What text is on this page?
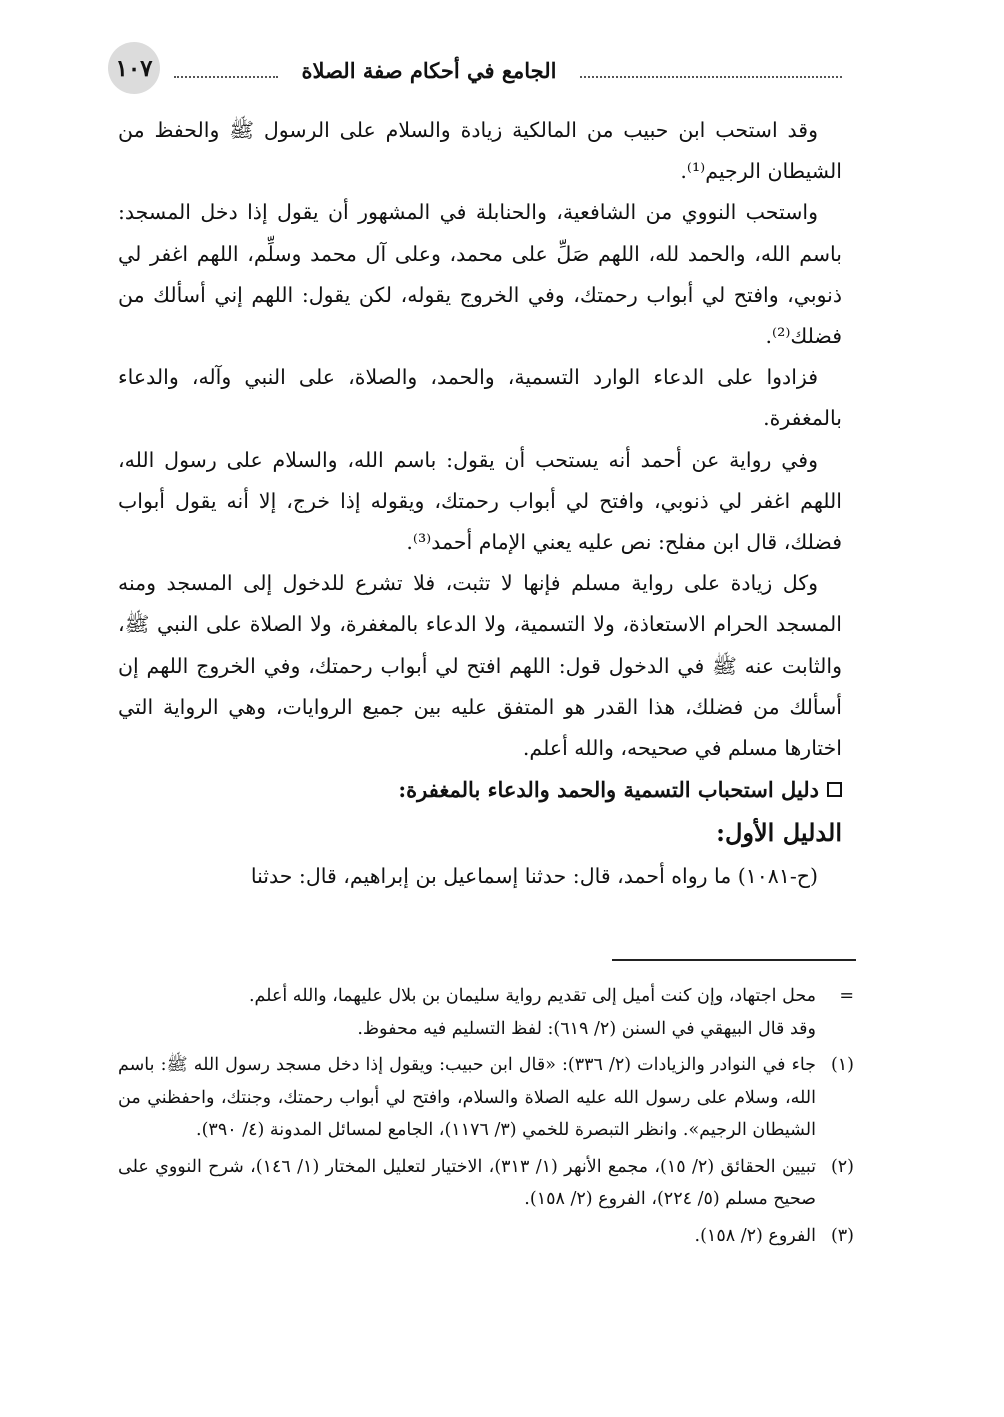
١٠٧	الجامع في أحكام صفة الصلاة

وقد استحب ابن حبيب من المالكية زيادة والسلام على الرسول ﷺ والحفظ من الشيطان الرجيم⁽¹⁾.

واستحب النووي من الشافعية، والحنابلة في المشهور أن يقول إذا دخل المسجد: باسم الله، والحمد لله، اللهم صَلِّ على محمد، وعلى آل محمد وسلِّم، اللهم اغفر لي ذنوبي، وافتح لي أبواب رحمتك، وفي الخروج يقوله، لكن يقول: اللهم إني أسألك من فضلك⁽²⁾.

فزادوا على الدعاء الوارد التسمية، والحمد، والصلاة، على النبي وآله، والدعاء بالمغفرة.

وفي رواية عن أحمد أنه يستحب أن يقول: باسم الله، والسلام على رسول الله، اللهم اغفر لي ذنوبي، وافتح لي أبواب رحمتك، ويقوله إذا خرج، إلا أنه يقول أبواب فضلك، قال ابن مفلح: نص عليه يعني الإمام أحمد⁽³⁾.

وكل زيادة على رواية مسلم فإنها لا تثبت، فلا تشرع للدخول إلى المسجد ومنه المسجد الحرام الاستعاذة، ولا التسمية، ولا الدعاء بالمغفرة، ولا الصلاة على النبي ﷺ، والثابت عنه ﷺ في الدخول قول: اللهم افتح لي أبواب رحمتك، وفي الخروج اللهم إن أسألك من فضلك، هذا القدر هو المتفق عليه بين جميع الروايات، وهي الرواية التي اختارها مسلم في صحيحه، والله أعلم.

دليل استحباب التسمية والحمد والدعاء بالمغفرة:
الدليل الأول:

(ح-١٠٨١) ما رواه أحمد، قال: حدثنا إسماعيل بن إبراهيم، قال: حدثنا

=

محل اجتهاد، وإن كنت أميل إلى تقديم رواية سليمان بن بلال عليهما، والله أعلم.

وقد قال البيهقي في السنن (٢/ ٦١٩): لفظ التسليم فيه محفوظ.

(١)

جاء في النوادر والزيادات (٢/ ٣٣٦): «قال ابن حبيب: ويقول إذا دخل مسجد رسول الله ﷺ: باسم الله، وسلام على رسول الله عليه الصلاة والسلام، وافتح لي أبواب رحمتك، وجنتك، واحفظني من الشيطان الرجيم». وانظر التبصرة للخمي (٣/ ١١٧٦)، الجامع لمسائل المدونة (٤/ ٣٩٠).

(٢)

تبيين الحقائق (٢/ ١٥)، مجمع الأنهر (١/ ٣١٣)، الاختيار لتعليل المختار (١/ ١٤٦)، شرح النووي على صحيح مسلم (٥/ ٢٢٤)، الفروع (٢/ ١٥٨).

(٣)

الفروع (٢/ ١٥٨).
